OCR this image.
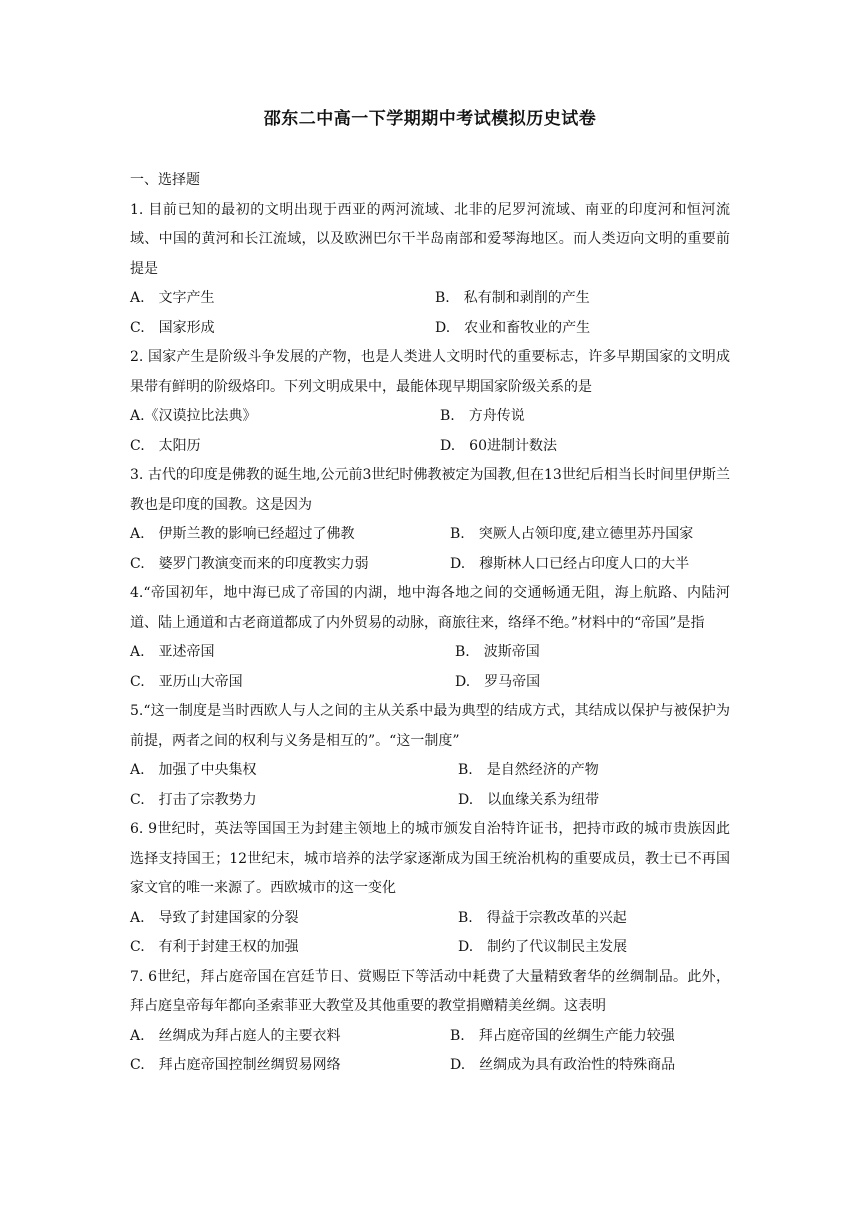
邵东二中高一下学期期中考试模拟历史试卷

一、选择题

1. 目前已知的最初的文明出现于西亚的两河流域、北非的尼罗河流域、南亚的印度河和恒河流域、中国的黄河和长江流域，以及欧洲巴尔干半岛南部和爱琴海地区。而人类迈向文明的重要前提是

A.　文字产生	B.　私有制和剥削的产生
C.　国家形成	D.　农业和畜牧业的产生

2. 国家产生是阶级斗争发展的产物，也是人类进人文明时代的重要标志，许多早期国家的文明成果带有鲜明的阶级烙印。下列文明成果中，最能体现早期国家阶级关系的是

A.《汉谟拉比法典》	B.　方舟传说
C.　太阳历	D.　60进制计数法

3. 古代的印度是佛教的诞生地,公元前3世纪时佛教被定为国教,但在13世纪后相当长时间里伊斯兰教也是印度的国教。这是因为

A.　伊斯兰教的影响已经超过了佛教	B.　突厥人占领印度,建立德里苏丹国家
C.　婆罗门教演变而来的印度教实力弱	D.　穆斯林人口已经占印度人口的大半

4.“帝国初年，地中海已成了帝国的内湖，地中海各地之间的交通畅通无阻，海上航路、内陆河道、陆上通道和古老商道都成了内外贸易的动脉，商旅往来，络绎不绝。”材料中的“帝国”是指

A.　亚述帝国	B.　波斯帝国
C.　亚历山大帝国	D.　罗马帝国

5.“这一制度是当时西欧人与人之间的主从关系中最为典型的结成方式，其结成以保护与被保护为前提，两者之间的权利与义务是相互的”。“这一制度”

A.　加强了中央集权	B.　是自然经济的产物
C.　打击了宗教势力	D.　以血缘关系为纽带

6. 9世纪时，英法等国国王为封建主领地上的城市颁发自治特许证书，把持市政的城市贵族因此选择支持国王；12世纪末，城市培养的法学家逐渐成为国王统治机构的重要成员，教士已不再国家文官的唯一来源了。西欧城市的这一变化

A.　导致了封建国家的分裂	B.　得益于宗教改革的兴起
C.　有利于封建王权的加强	D.　制约了代议制民主发展

7. 6世纪，拜占庭帝国在宫廷节日、赏赐臣下等活动中耗费了大量精致奢华的丝绸制品。此外，拜占庭皇帝每年都向圣索菲亚大教堂及其他重要的教堂捐赠精美丝绸。这表明

A.　丝绸成为拜占庭人的主要衣料	B.　拜占庭帝国的丝绸生产能力较强
C.　拜占庭帝国控制丝绸贸易网络	D.　丝绸成为具有政治性的特殊商品
